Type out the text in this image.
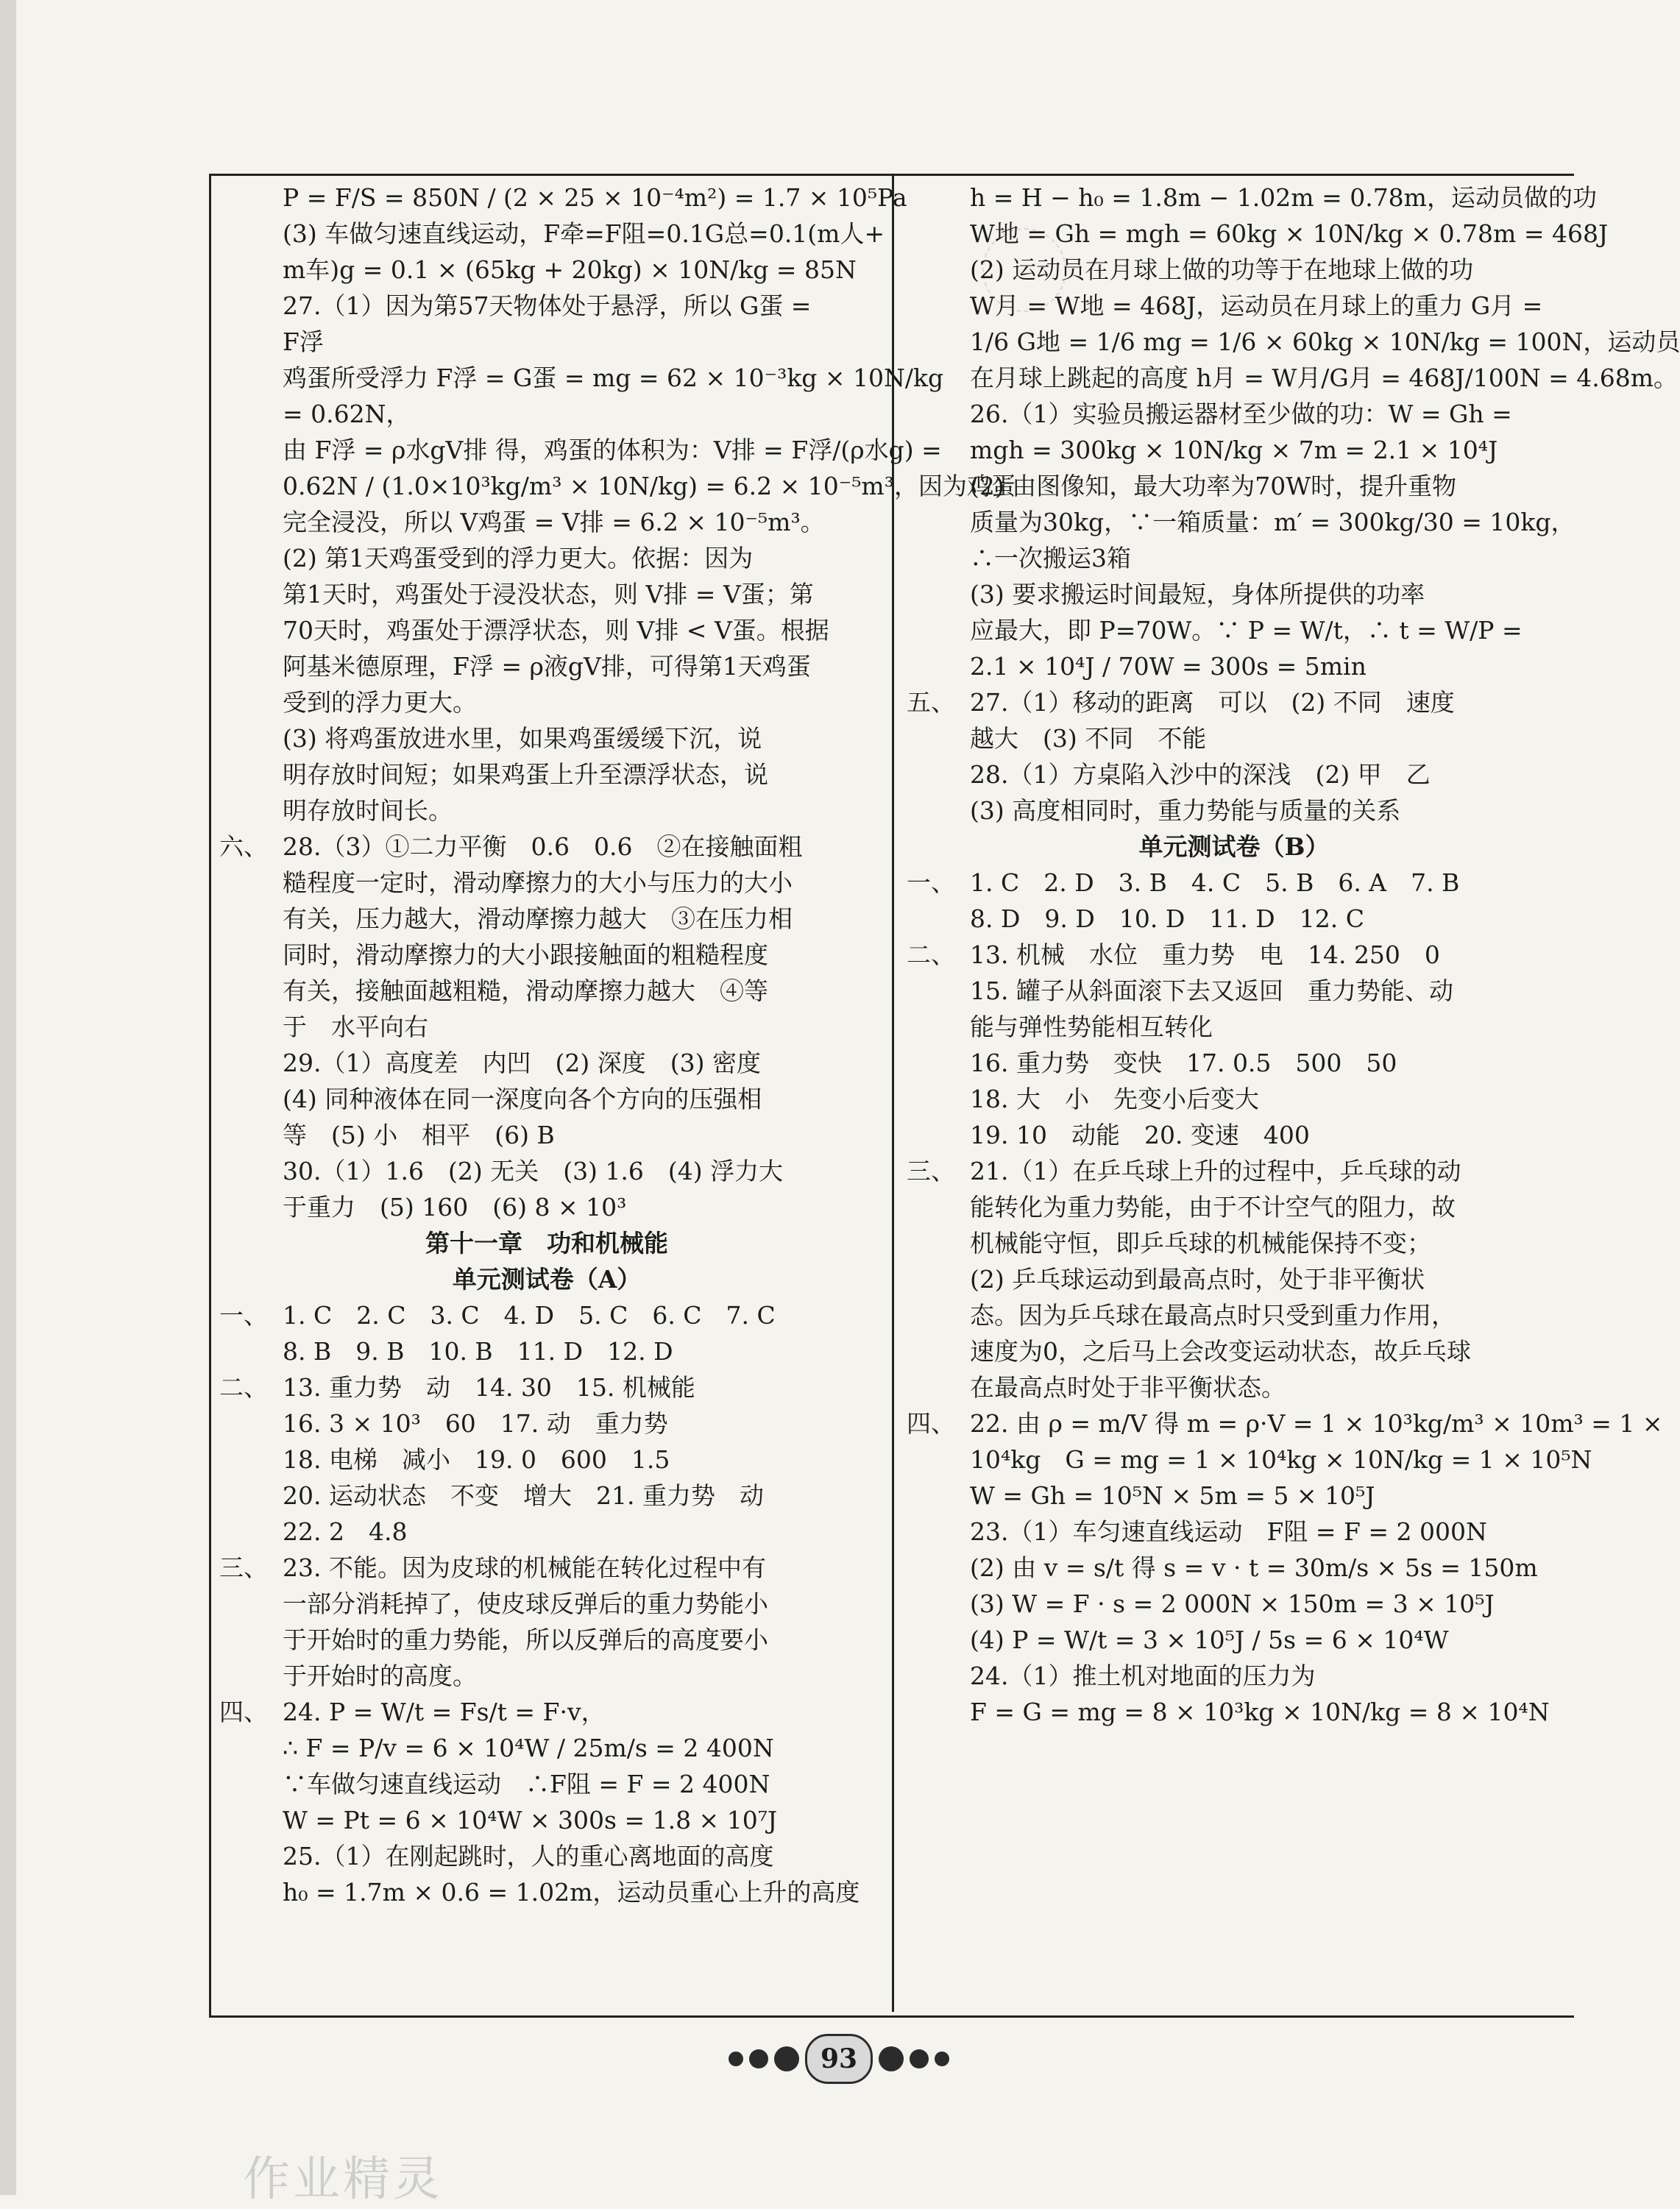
P = F/S = 850N / (2 × 25 × 10⁻⁴m²) = 1.7 × 10⁵Pa
(3) 车做匀速直线运动，F牵=F阻=0.1G总=0.1(m人+
m车)g = 0.1 × (65kg + 20kg) × 10N/kg = 85N
27.（1）因为第57天物体处于悬浮，所以 G蛋 =
F浮
鸡蛋所受浮力 F浮 = G蛋 = mg = 62 × 10⁻³kg × 10N/kg
= 0.62N，
由 F浮 = ρ水gV排 得，鸡蛋的体积为：V排 = F浮/(ρ水g) =
0.62N / (1.0×10³kg/m³ × 10N/kg) = 6.2 × 10⁻⁵m³，因为鸡蛋
完全浸没，所以 V鸡蛋 = V排 = 6.2 × 10⁻⁵m³。
(2) 第1天鸡蛋受到的浮力更大。依据：因为
第1天时，鸡蛋处于浸没状态，则 V排 = V蛋；第
70天时，鸡蛋处于漂浮状态，则 V排 < V蛋。根据
阿基米德原理，F浮 = ρ液gV排，可得第1天鸡蛋
受到的浮力更大。
(3) 将鸡蛋放进水里，如果鸡蛋缓缓下沉，说
明存放时间短；如果鸡蛋上升至漂浮状态，说
明存放时间长。
六、 28.（3）①二力平衡　0.6　0.6　②在接触面粗
糙程度一定时，滑动摩擦力的大小与压力的大小
有关，压力越大，滑动摩擦力越大　③在压力相
同时，滑动摩擦力的大小跟接触面的粗糙程度
有关，接触面越粗糙，滑动摩擦力越大　④等
于　水平向右
29.（1）高度差　内凹　(2) 深度　(3) 密度
(4) 同种液体在同一深度向各个方向的压强相
等　(5) 小　相平　(6) B
30.（1）1.6　(2) 无关　(3) 1.6　(4) 浮力大
于重力　(5) 160　(6) 8 × 10³
第十一章　功和机械能
单元测试卷（A）
一、 1. C　2. C　3. C　4. D　5. C　6. C　7. C
8. B　9. B　10. B　11. D　12. D
二、 13. 重力势　动　14. 30　15. 机械能
16. 3 × 10³　60　17. 动　重力势
18. 电梯　减小　19. 0　600　1.5
20. 运动状态　不变　增大　21. 重力势　动
22. 2　4.8
三、 23. 不能。因为皮球的机械能在转化过程中有
一部分消耗掉了，使皮球反弹后的重力势能小
于开始时的重力势能，所以反弹后的高度要小
于开始时的高度。
四、 24. P = W/t = Fs/t = F·v，
∴ F = P/v = 6 × 10⁴W / 25m/s = 2 400N
∵车做匀速直线运动　∴F阻 = F = 2 400N
W = Pt = 6 × 10⁴W × 300s = 1.8 × 10⁷J
25.（1）在刚起跳时，人的重心离地面的高度
h₀ = 1.7m × 0.6 = 1.02m，运动员重心上升的高度
h = H − h₀ = 1.8m − 1.02m = 0.78m，运动员做的功
W地 = Gh = mgh = 60kg × 10N/kg × 0.78m = 468J
(2) 运动员在月球上做的功等于在地球上做的功
W月 = W地 = 468J，运动员在月球上的重力 G月 =
1/6 G地 = 1/6 mg = 1/6 × 60kg × 10N/kg = 100N，运动员
在月球上跳起的高度 h月 = W月/G月 = 468J/100N = 4.68m。
26.（1）实验员搬运器材至少做的功：W = Gh =
mgh = 300kg × 10N/kg × 7m = 2.1 × 10⁴J
(2) 由图像知，最大功率为70W时，提升重物
质量为30kg，∵一箱质量：m′ = 300kg/30 = 10kg，
∴一次搬运3箱
(3) 要求搬运时间最短，身体所提供的功率
应最大，即 P=70W。∵ P = W/t，∴ t = W/P =
2.1 × 10⁴J / 70W = 300s = 5min
五、 27.（1）移动的距离　可以　(2) 不同　速度
越大　(3) 不同　不能
28.（1）方桌陷入沙中的深浅　(2) 甲　乙
(3) 高度相同时，重力势能与质量的关系
单元测试卷（B）
一、 1. C　2. D　3. B　4. C　5. B　6. A　7. B
8. D　9. D　10. D　11. D　12. C
二、 13. 机械　水位　重力势　电　14. 250　0
15. 罐子从斜面滚下去又返回　重力势能、动
能与弹性势能相互转化
16. 重力势　变快　17. 0.5　500　50
18. 大　小　先变小后变大
19. 10　动能　20. 变速　400
三、 21.（1）在乒乓球上升的过程中，乒乓球的动
能转化为重力势能，由于不计空气的阻力，故
机械能守恒，即乒乓球的机械能保持不变；
(2) 乒乓球运动到最高点时，处于非平衡状
态。因为乒乓球在最高点时只受到重力作用，
速度为0，之后马上会改变运动状态，故乒乓球
在最高点时处于非平衡状态。
四、 22. 由 ρ = m/V 得 m = ρ·V = 1 × 10³kg/m³ × 10m³ = 1 ×
10⁴kg　G = mg = 1 × 10⁴kg × 10N/kg = 1 × 10⁵N
W = Gh = 10⁵N × 5m = 5 × 10⁵J
23.（1）车匀速直线运动　F阻 = F = 2 000N
(2) 由 v = s/t 得 s = v · t = 30m/s × 5s = 150m
(3) W = F · s = 2 000N × 150m = 3 × 10⁵J
(4) P = W/t = 3 × 10⁵J / 5s = 6 × 10⁴W
24.（1）推土机对地面的压力为
F = G = mg = 8 × 10³kg × 10N/kg = 8 × 10⁴N
93
作业精灵
